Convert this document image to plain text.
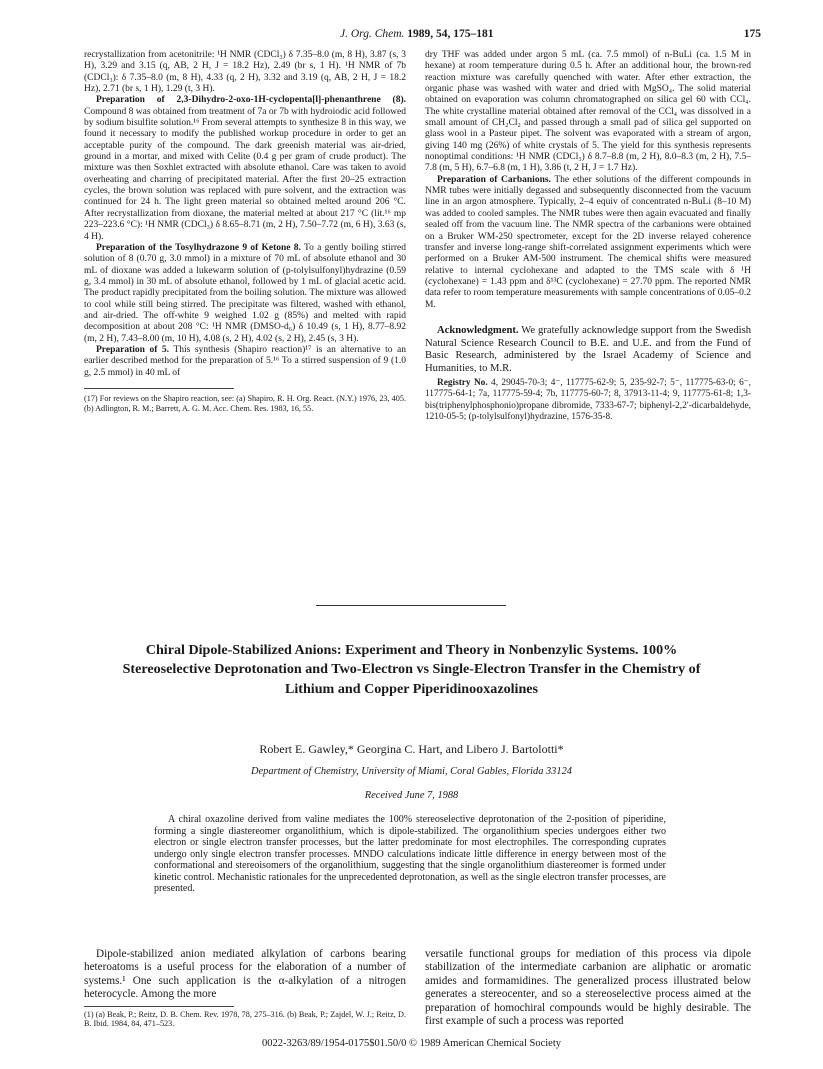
J. Org. Chem. 1989, 54, 175–181	175

recrystallization from acetonitrile: ¹H NMR (CDCl₃) δ 7.35–8.0 (m, 8 H), 3.87 (s, 3 H), 3.29 and 3.15 (q, AB, 2 H, J = 18.2 Hz), 2.49 (br s, 1 H). ¹H NMR of 7b (CDCl₃): δ 7.35–8.0 (m, 8 H), 4.33 (q, 2 H), 3.32 and 3.19 (q, AB, 2 H, J = 18.2 Hz), 2.71 (br s, 1 H), 1.29 (t, 3 H).

Preparation of 2,3-Dihydro-2-oxo-1H-cyclopenta[l]-phenanthrene (8). Compound 8 was obtained from treatment of 7a or 7b with hydroiodic acid followed by sodium bisulfite solution.¹⁶ From several attempts to synthesize 8 in this way, we found it necessary to modify the published workup procedure in order to get an acceptable purity of the compound. The dark greenish material was air-dried, ground in a mortar, and mixed with Celite (0.4 g per gram of crude product). The mixture was then Soxhlet extracted with absolute ethanol. Care was taken to avoid overheating and charring of precipitated material. After the first 20–25 extraction cycles, the brown solution was replaced with pure solvent, and the extraction was continued for 24 h. The light green material so obtained melted around 206 °C. After recrystallization from dioxane, the material melted at about 217 °C (lit.¹⁶ mp 223–223.6 °C): ¹H NMR (CDCl₃) δ 8.65–8.71 (m, 2 H), 7.50–7.72 (m, 6 H), 3.63 (s, 4 H).

Preparation of the Tosylhydrazone 9 of Ketone 8. To a gently boiling stirred solution of 8 (0.70 g, 3.0 mmol) in a mixture of 70 mL of absolute ethanol and 30 mL of dioxane was added a lukewarm solution of (p-tolylsulfonyl)hydrazine (0.59 g, 3.4 mmol) in 30 mL of absolute ethanol, followed by 1 mL of glacial acetic acid. The product rapidly precipitated from the boiling solution. The mixture was allowed to cool while still being stirred. The precipitate was filtered, washed with ethanol, and air-dried. The off-white 9 weighed 1.02 g (85%) and melted with rapid decomposition at about 208 °C: ¹H NMR (DMSO-d₆) δ 10.49 (s, 1 H), 8.77–8.92 (m, 2 H), 7.43–8.00 (m, 10 H), 4.08 (s, 2 H), 4.02 (s, 2 H), 2.45 (s, 3 H).

Preparation of 5. This synthesis (Shapiro reaction)¹⁷ is an alternative to an earlier described method for the preparation of 5.¹⁶ To a stirred suspension of 9 (1.0 g, 2.5 mmol) in 40 mL of

(17) For reviews on the Shapiro reaction, see: (a) Shapiro, R. H. Org. React. (N.Y.) 1976, 23, 405. (b) Adlington, R. M.; Barrett, A. G. M. Acc. Chem. Res. 1983, 16, 55.

dry THF was added under argon 5 mL (ca. 7.5 mmol) of n-BuLi (ca. 1.5 M in hexane) at room temperature during 0.5 h. After an additional hour, the brown-red reaction mixture was carefully quenched with water. After ether extraction, the organic phase was washed with water and dried with MgSO₄. The solid material obtained on evaporation was column chromatographed on silica gel 60 with CCl₄. The white crystalline material obtained after removal of the CCl₄ was dissolved in a small amount of CH₂Cl₂ and passed through a small pad of silica gel supported on glass wool in a Pasteur pipet. The solvent was evaporated with a stream of argon, giving 140 mg (26%) of white crystals of 5. The yield for this synthesis represents nonoptimal conditions: ¹H NMR (CDCl₃) δ 8.7–8.8 (m, 2 H), 8.0–8.3 (m, 2 H), 7.5–7.8 (m, 5 H), 6.7–6.8 (m, 1 H), 3.86 (t, 2 H, J = 1.7 Hz).

Preparation of Carbanions. The ether solutions of the different compounds in NMR tubes were initially degassed and subsequently disconnected from the vacuum line in an argon atmosphere. Typically, 2–4 equiv of concentrated n-BuLi (8–10 M) was added to cooled samples. The NMR tubes were then again evacuated and finally sealed off from the vacuum line. The NMR spectra of the carbanions were obtained on a Bruker WM-250 spectrometer, except for the 2D inverse relayed coherence transfer and inverse long-range shift-correlated assignment experiments which were performed on a Bruker AM-500 instrument. The chemical shifts were measured relative to internal cyclohexane and adapted to the TMS scale with δ ¹H (cyclohexane) = 1.43 ppm and δ¹³C (cyclohexane) = 27.70 ppm. The reported NMR data refer to room temperature measurements with sample concentrations of 0.05–0.2 M.

Acknowledgment. We gratefully acknowledge support from the Swedish Natural Science Research Council to B.E. and U.E. and from the Fund of Basic Research, administered by the Israel Academy of Science and Humanities, to M.R.

Registry No. 4, 29045-70-3; 4⁻, 117775-62-9; 5, 235-92-7; 5⁻, 117775-63-0; 6⁻, 117775-64-1; 7a, 117775-59-4; 7b, 117775-60-7; 8, 37913-11-4; 9, 117775-61-8; 1,3-bis(triphenylphosphonio)propane dibromide, 7333-67-7; biphenyl-2,2′-dicarbaldehyde, 1210-05-5; (p-tolylsulfonyl)hydrazine, 1576-35-8.

Chiral Dipole-Stabilized Anions: Experiment and Theory in Nonbenzylic Systems. 100% Stereoselective Deprotonation and Two-Electron vs Single-Electron Transfer in the Chemistry of Lithium and Copper Piperidinooxazolines
Robert E. Gawley,* Georgina C. Hart, and Libero J. Bartolotti*
Department of Chemistry, University of Miami, Coral Gables, Florida 33124
Received June 7, 1988

A chiral oxazoline derived from valine mediates the 100% stereoselective deprotonation of the 2-position of piperidine, forming a single diastereomer organolithium, which is dipole-stabilized. The organolithium species undergoes either two electron or single electron transfer processes, but the latter predominate for most electrophiles. The corresponding cuprates undergo only single electron transfer processes. MNDO calculations indicate little difference in energy between most of the conformational and stereoisomers of the organolithium, suggesting that the single organolithium diastereomer is formed under kinetic control. Mechanistic rationales for the unprecedented deprotonation, as well as the single electron transfer processes, are presented.

Dipole-stabilized anion mediated alkylation of carbons bearing heteroatoms is a useful process for the elaboration of a number of systems.¹ One such application is the α-alkylation of a nitrogen heterocycle. Among the more

(1) (a) Beak, P.; Reitz, D. B. Chem. Rev. 1978, 78, 275–316. (b) Beak, P.; Zajdel, W. J.; Reitz, D. B. Ibid. 1984, 84, 471–523.

versatile functional groups for mediation of this process via dipole stabilization of the intermediate carbanion are aliphatic or aromatic amides and formamidines. The generalized process illustrated below generates a stereocenter, and so a stereoselective process aimed at the preparation of homochiral compounds would be highly desirable. The first example of such a process was reported

0022-3263/89/1954-0175$01.50/0 © 1989 American Chemical Society
